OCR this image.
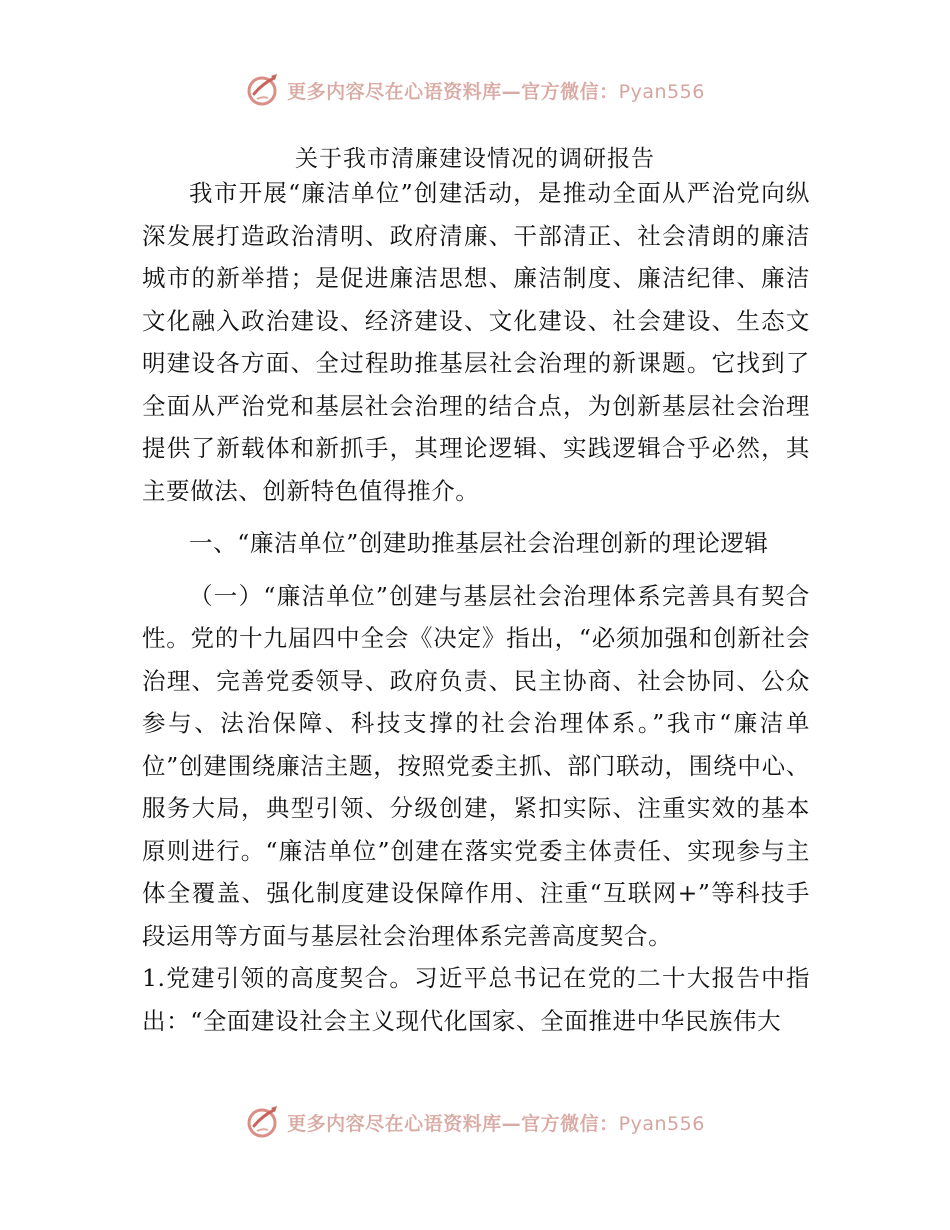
更多内容尽在心语资料库—官方微信：Pyan556
关于我市清廉建设情况的调研报告

我市开展“廉洁单位”创建活动，是推动全面从严治党向纵深发展打造政治清明、政府清廉、干部清正、社会清朗的廉洁城市的新举措；是促进廉洁思想、廉洁制度、廉洁纪律、廉洁文化融入政治建设、经济建设、文化建设、社会建设、生态文明建设各方面、全过程助推基层社会治理的新课题。它找到了全面从严治党和基层社会治理的结合点，为创新基层社会治理提供了新载体和新抓手，其理论逻辑、实践逻辑合乎必然，其主要做法、创新特色值得推介。

一、“廉洁单位”创建助推基层社会治理创新的理论逻辑

（一）“廉洁单位”创建与基层社会治理体系完善具有契合性。党的十九届四中全会《决定》指出，“必须加强和创新社会治理、完善党委领导、政府负责、民主协商、社会协同、公众参与、法治保障、科技支撑的社会治理体系。”我市“廉洁单位”创建围绕廉洁主题，按照党委主抓、部门联动，围绕中心、服务大局，典型引领、分级创建，紧扣实际、注重实效的基本原则进行。“廉洁单位”创建在落实党委主体责任、实现参与主体全覆盖、强化制度建设保障作用、注重“互联网+”等科技手段运用等方面与基层社会治理体系完善高度契合。

1.党建引领的高度契合。习近平总书记在党的二十大报告中指出：“全面建设社会主义现代化国家、全面推进中华民族伟大

更多内容尽在心语资料库—官方微信：Pyan556
